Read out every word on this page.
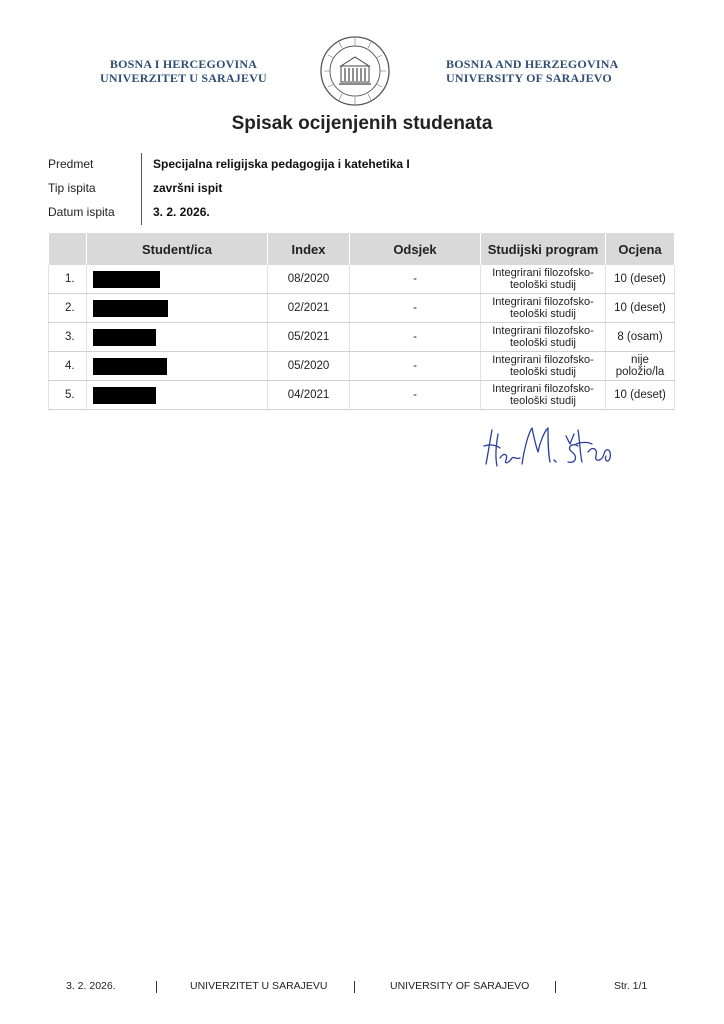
BOSNA I HERCEGOVINA
UNIVERZITET U SARAJEVU
BOSNIA AND HERZEGOVINA
UNIVERSITY OF SARAJEVO
Spisak ocijenjenih studenata
Predmet	Specijalna religijska pedagogija i katehetika I
Tip ispita	završni ispit
Datum ispita	3. 2. 2026.
	Student/ica	Index	Odsjek	Studijski program	Ocjena
1.		08/2020	-	Integrirani filozofsko-teološki studij	10 (deset)
2.		02/2021	-	Integrirani filozofsko-teološki studij	10 (deset)
3.		05/2021	-	Integrirani filozofsko-teološki studij	8 (osam)
4.		05/2020	-	Integrirani filozofsko-teološki studij	nije položio/la
5.		04/2021	-	Integrirani filozofsko-teološki studij	10 (deset)
3. 2. 2026.	UNIVERZITET U SARAJEVU	UNIVERSITY OF SARAJEVO	Str. 1/1
